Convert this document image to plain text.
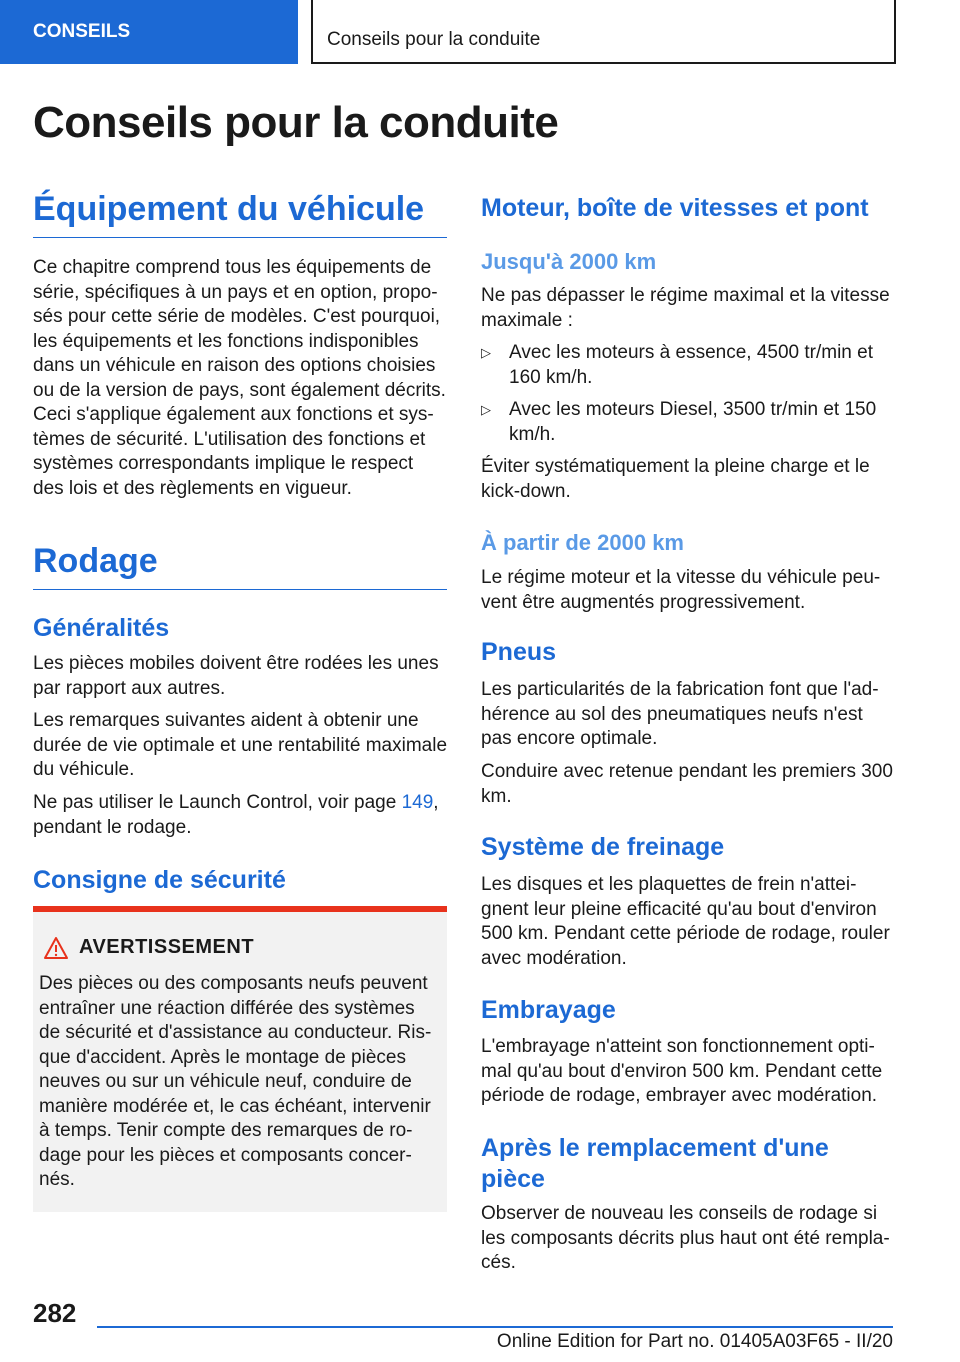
CONSEILS	Conseils pour la conduite
Conseils pour la conduite
Équipement du véhicule

Ce chapitre comprend tous les équipements de série, spécifiques à un pays et en option, proposés pour cette série de modèles. C'est pourquoi, les équipements et les fonctions indisponibles dans un véhicule en raison des options choisies ou de la version de pays, sont également décrits. Ceci s'applique également aux fonctions et systèmes de sécurité. L'utilisation des fonctions et systèmes correspondants implique le respect des lois et des règlements en vigueur.

Rodage
Généralités

Les pièces mobiles doivent être rodées les unes par rapport aux autres.

Les remarques suivantes aident à obtenir une durée de vie optimale et une rentabilité maximale du véhicule.

Ne pas utiliser le Launch Control, voir page 149,
pendant le rodage.

Consigne de sécurité
AVERTISSEMENT
Des pièces ou des composants neufs peuvent entraîner une réaction différée des systèmes de sécurité et d'assistance au conducteur. Risque d'accident. Après le montage de pièces neuves ou sur un véhicule neuf, conduire de manière modérée et, le cas échéant, intervenir à temps. Tenir compte des remarques de rodage pour les pièces et composants concernés.
Moteur, boîte de vitesses et pont
Jusqu'à 2000 km

Ne pas dépasser le régime maximal et la vitesse maximale :

▷ Avec les moteurs à essence, 4500 tr/min et 160 km/h.
▷ Avec les moteurs Diesel, 3500 tr/min et 150 km/h.

Éviter systématiquement la pleine charge et le kick-down.

À partir de 2000 km

Le régime moteur et la vitesse du véhicule peuvent être augmentés progressivement.

Pneus

Les particularités de la fabrication font que l'adhérence au sol des pneumatiques neufs n'est pas encore optimale.

Conduire avec retenue pendant les premiers 300 km.

Système de freinage

Les disques et les plaquettes de frein n'atteignent leur pleine efficacité qu'au bout d'environ 500 km. Pendant cette période de rodage, rouler avec modération.

Embrayage

L'embrayage n'atteint son fonctionnement optimal qu'au bout d'environ 500 km. Pendant cette période de rodage, embrayer avec modération.

Après le remplacement d'une pièce

Observer de nouveau les conseils de rodage si les composants décrits plus haut ont été remplacés.

282
Online Edition for Part no. 01405A03F65 - II/20
